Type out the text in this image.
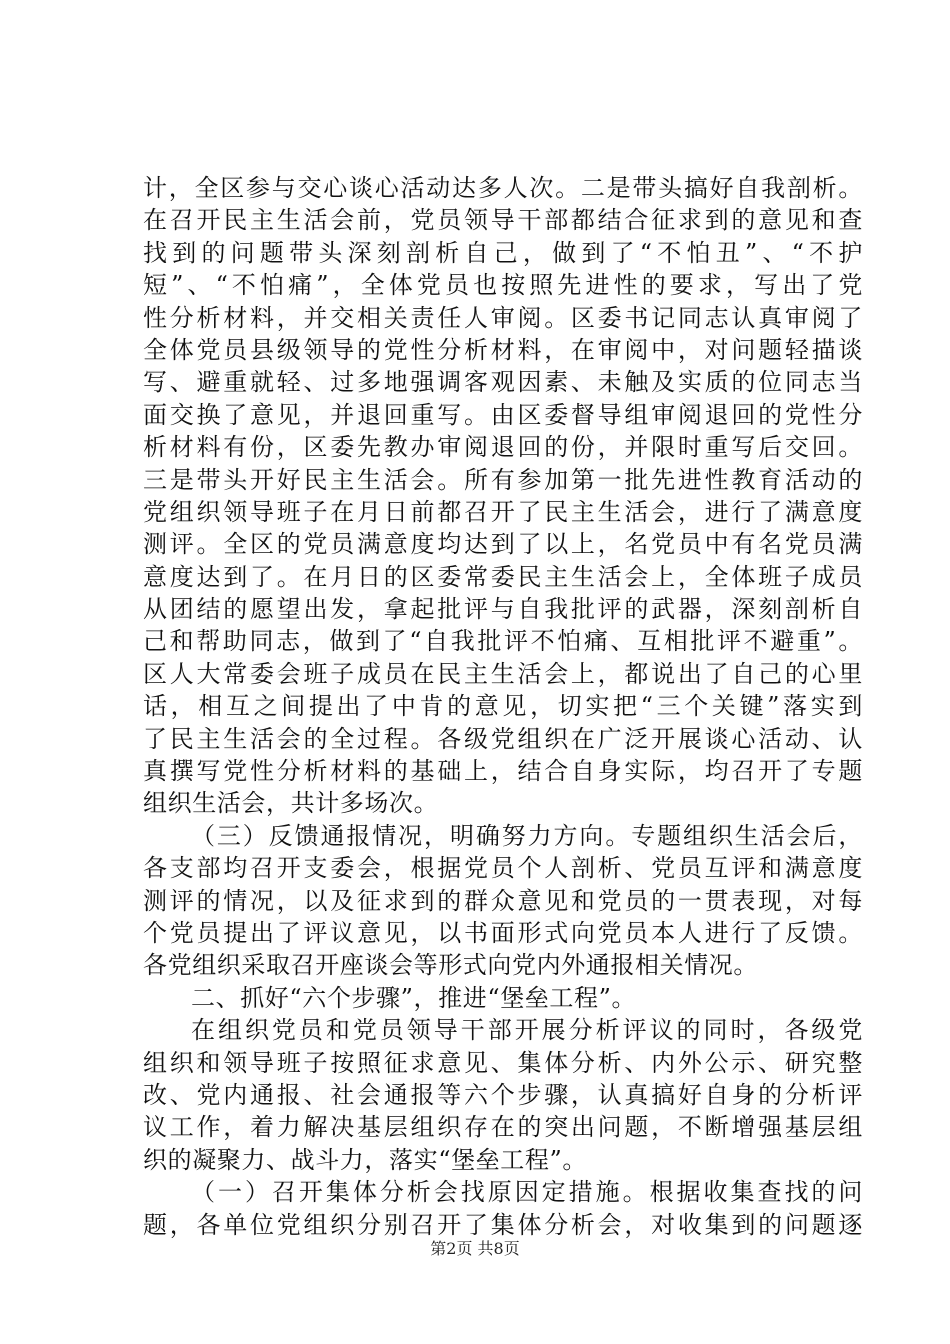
计，全区参与交心谈心活动达多人次。二是带头搞好自我剖析。
在召开民主生活会前，党员领导干部都结合征求到的意见和查
找到的问题带头深刻剖析自己，做到了“不怕丑”、“不护
短”、“不怕痛”，全体党员也按照先进性的要求，写出了党
性分析材料，并交相关责任人审阅。区委书记同志认真审阅了
全体党员县级领导的党性分析材料，在审阅中，对问题轻描谈
写、避重就轻、过多地强调客观因素、未触及实质的位同志当
面交换了意见，并退回重写。由区委督导组审阅退回的党性分
析材料有份，区委先教办审阅退回的份，并限时重写后交回。
三是带头开好民主生活会。所有参加第一批先进性教育活动的
党组织领导班子在月日前都召开了民主生活会，进行了满意度
测评。全区的党员满意度均达到了以上，名党员中有名党员满
意度达到了。在月日的区委常委民主生活会上，全体班子成员
从团结的愿望出发，拿起批评与自我批评的武器，深刻剖析自
己和帮助同志，做到了“自我批评不怕痛、互相批评不避重”。
区人大常委会班子成员在民主生活会上，都说出了自己的心里
话，相互之间提出了中肯的意见，切实把“三个关键”落实到
了民主生活会的全过程。各级党组织在广泛开展谈心活动、认
真撰写党性分析材料的基础上，结合自身实际，均召开了专题
组织生活会，共计多场次。
（三）反馈通报情况，明确努力方向。专题组织生活会后，
各支部均召开支委会，根据党员个人剖析、党员互评和满意度
测评的情况，以及征求到的群众意见和党员的一贯表现，对每
个党员提出了评议意见，以书面形式向党员本人进行了反馈。
各党组织采取召开座谈会等形式向党内外通报相关情况。
二、抓好“六个步骤”，推进“堡垒工程”。
在组织党员和党员领导干部开展分析评议的同时，各级党
组织和领导班子按照征求意见、集体分析、内外公示、研究整
改、党内通报、社会通报等六个步骤，认真搞好自身的分析评
议工作，着力解决基层组织存在的突出问题，不断增强基层组
织的凝聚力、战斗力，落实“堡垒工程”。
（一）召开集体分析会找原因定措施。根据收集查找的问
题，各单位党组织分别召开了集体分析会，对收集到的问题逐
第2页 共8页
